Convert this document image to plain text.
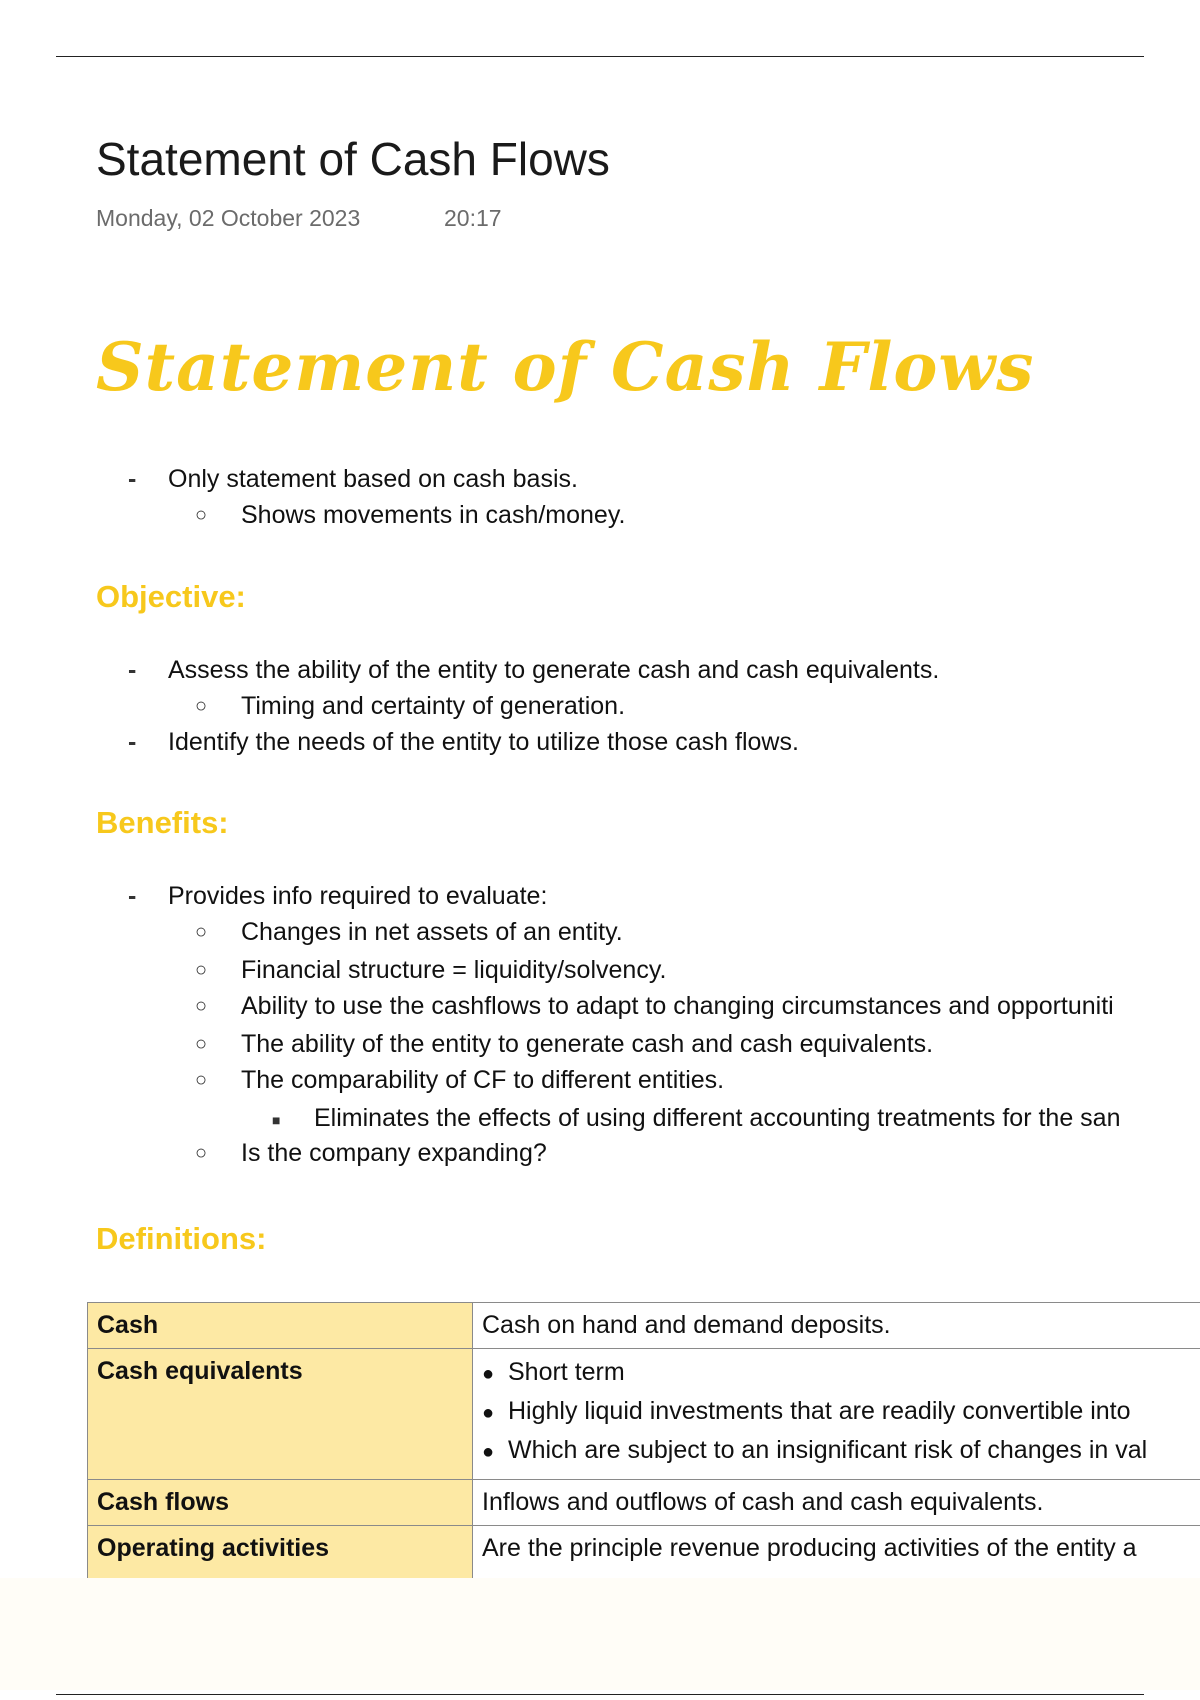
Statement of Cash Flows
Monday, 02 October 2023	20:17
Statement of Cash Flows
- Only statement based on cash basis.
○ Shows movements in cash/money.
Objective:
- Assess the ability of the entity to generate cash and cash equivalents.
○ Timing and certainty of generation.
- Identify the needs of the entity to utilize those cash flows.
Benefits:
- Provides info required to evaluate:
○ Changes in net assets of an entity.
○ Financial structure = liquidity/solvency.
○ Ability to use the cashflows to adapt to changing circumstances and opportuniti
○ The ability of the entity to generate cash and cash equivalents.
○ The comparability of CF to different entities.
■ Eliminates the effects of using different accounting treatments for the san
○ Is the company expanding?
Definitions:
Cash	Cash on hand and demand deposits.
Cash equivalents	● Short term
● Highly liquid investments that are readily convertible into
● Which are subject to an insignificant risk of changes in val

Cash flows	Inflows and outflows of cash and cash equivalents.
Operating activities	Are the principle revenue producing activities of the entity a
